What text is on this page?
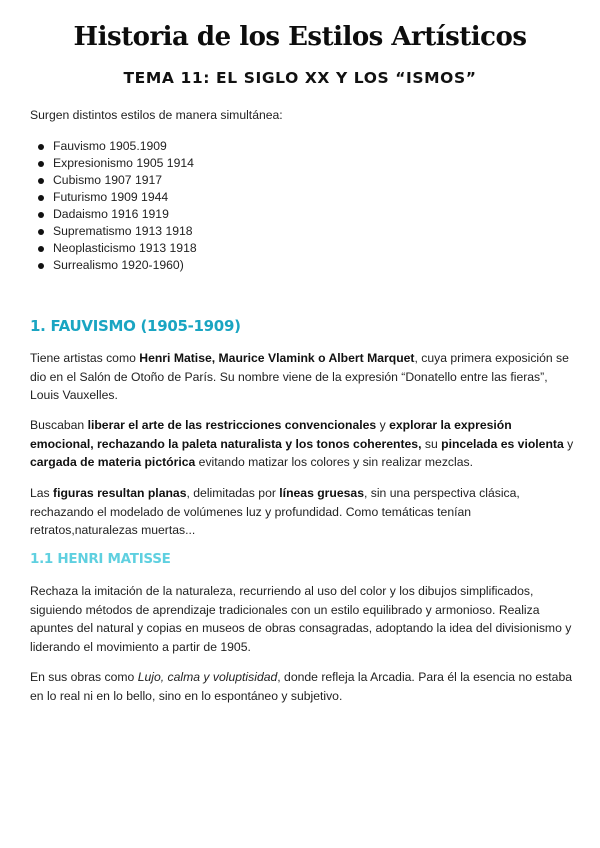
Historia de los Estilos Artísticos
TEMA 11: EL SIGLO XX Y LOS “ISMOS”
Surgen distintos estilos de manera simultánea:
Fauvismo 1905.1909
Expresionismo 1905 1914
Cubismo 1907 1917
Futurismo 1909 1944
Dadaismo 1916 1919
Suprematismo 1913 1918
Neoplasticismo 1913 1918
Surrealismo 1920-1960)
1. FAUVISMO (1905-1909)

Tiene artistas como Henri Matise, Maurice Vlamink o Albert Marquet, cuya primera exposición se dio en el Salón de Otoño de París. Su nombre viene de la expresión “Donatello entre las fieras”, Louis Vauxelles.

Buscaban liberar el arte de las restricciones convencionales y explorar la expresión emocional, rechazando la paleta naturalista y los tonos coherentes, su pincelada es violenta y cargada de materia pictórica evitando matizar los colores y sin realizar mezclas.

Las figuras resultan planas, delimitadas por líneas gruesas, sin una perspectiva clásica, rechazando el modelado de volúmenes luz y profundidad. Como temáticas tenían retratos,naturalezas muertas...

1.1 HENRI MATISSE

Rechaza la imitación de la naturaleza, recurriendo al uso del color y los dibujos simplificados, siguiendo métodos de aprendizaje tradicionales con un estilo equilibrado y armonioso. Realiza apuntes del natural y copias en museos de obras consagradas, adoptando la idea del divisionismo y liderando el movimiento a partir de 1905.

En sus obras como Lujo, calma y voluptisidad, donde refleja la Arcadia. Para él la esencia no estaba en lo real ni en lo bello, sino en lo espontáneo y subjetivo.
